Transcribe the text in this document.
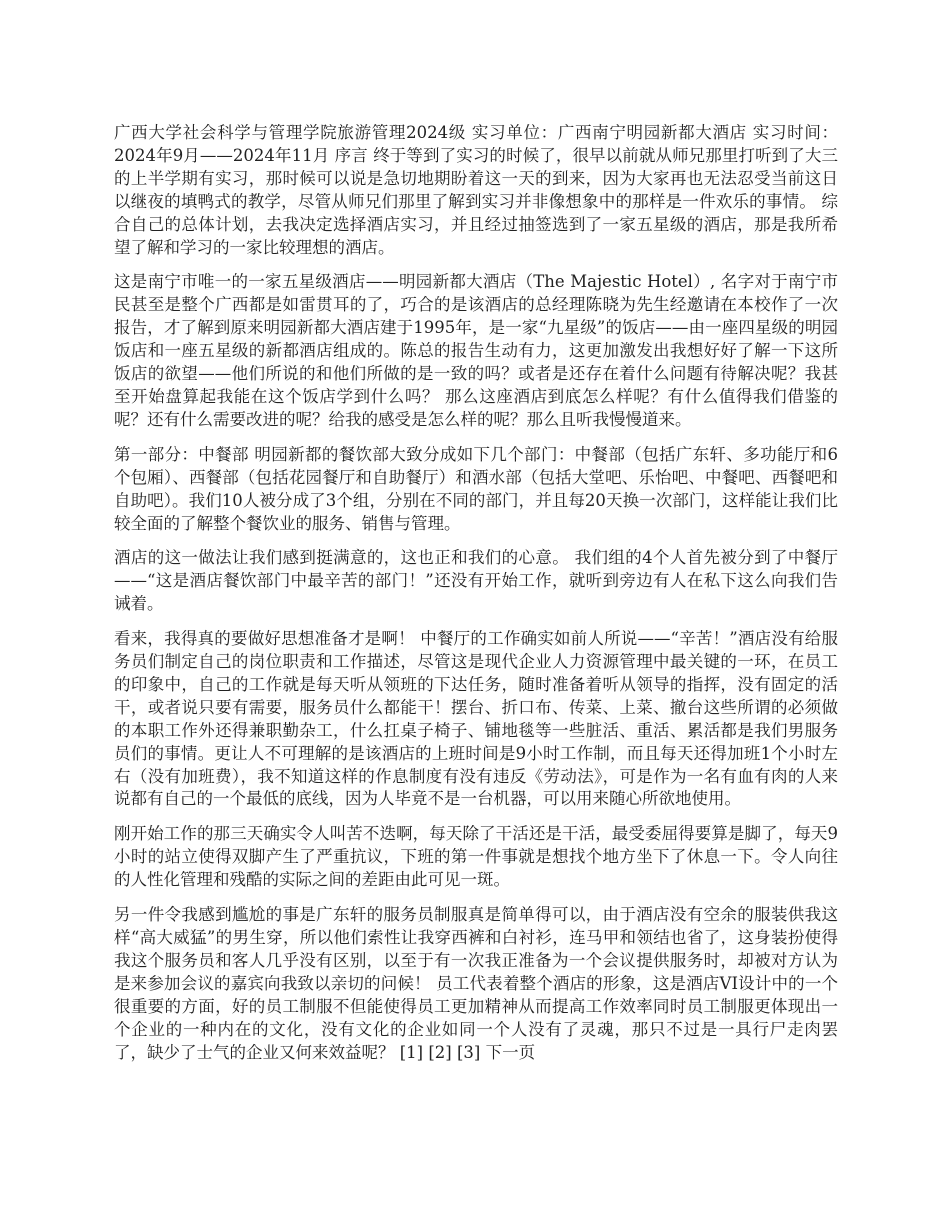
广西大学社会科学与管理学院旅游管理2024级 实习单位：广西南宁明园新都大酒店 实习时间：2024年9月——2024年11月 序言 终于等到了实习的时候了，很早以前就从师兄那里打听到了大三的上半学期有实习，那时候可以说是急切地期盼着这一天的到来，因为大家再也无法忍受当前这日以继夜的填鸭式的教学，尽管从师兄们那里了解到实习并非像想象中的那样是一件欢乐的事情。 综合自己的总体计划，去我决定选择酒店实习，并且经过抽签选到了一家五星级的酒店，那是我所希望了解和学习的一家比较理想的酒店。

这是南宁市唯一的一家五星级酒店——明园新都大酒店（The Majestic Hotel）, 名字对于南宁市民甚至是整个广西都是如雷贯耳的了，巧合的是该酒店的总经理陈晓为先生经邀请在本校作了一次报告，才了解到原来明园新都大酒店建于1995年，是一家“九星级”的饭店——由一座四星级的明园饭店和一座五星级的新都酒店组成的。陈总的报告生动有力，这更加激发出我想好好了解一下这所饭店的欲望——他们所说的和他们所做的是一致的吗？或者是还存在着什么问题有待解决呢？我甚至开始盘算起我能在这个饭店学到什么吗？ 那么这座酒店到底怎么样呢？有什么值得我们借鉴的呢？还有什么需要改进的呢？给我的感受是怎么样的呢？那么且听我慢慢道来。

第一部分：中餐部 明园新都的餐饮部大致分成如下几个部门：中餐部（包括广东轩、多功能厅和6个包厢）、西餐部（包括花园餐厅和自助餐厅）和酒水部（包括大堂吧、乐怡吧、中餐吧、西餐吧和自助吧）。我们10人被分成了3个组，分别在不同的部门，并且每20天换一次部门，这样能让我们比较全面的了解整个餐饮业的服务、销售与管理。

酒店的这一做法让我们感到挺满意的，这也正和我们的心意。 我们组的4个人首先被分到了中餐厅——“这是酒店餐饮部门中最辛苦的部门！”还没有开始工作，就听到旁边有人在私下这么向我们告诫着。

看来，我得真的要做好思想准备才是啊！ 中餐厅的工作确实如前人所说——“辛苦！”酒店没有给服务员们制定自己的岗位职责和工作描述，尽管这是现代企业人力资源管理中最关键的一环，在员工的印象中，自己的工作就是每天听从领班的下达任务，随时准备着听从领导的指挥，没有固定的活干，或者说只要有需要，服务员什么都能干！摆台、折口布、传菜、上菜、撤台这些所谓的必须做的本职工作外还得兼职勤杂工，什么扛桌子椅子、铺地毯等一些脏活、重活、累活都是我们男服务员们的事情。更让人不可理解的是该酒店的上班时间是9小时工作制，而且每天还得加班1个小时左右（没有加班费），我不知道这样的作息制度有没有违反《劳动法》，可是作为一名有血有肉的人来说都有自己的一个最低的底线，因为人毕竟不是一台机器，可以用来随心所欲地使用。

刚开始工作的那三天确实令人叫苦不迭啊，每天除了干活还是干活，最受委屈得要算是脚了，每天9小时的站立使得双脚产生了严重抗议，下班的第一件事就是想找个地方坐下了休息一下。令人向往的人性化管理和残酷的实际之间的差距由此可见一斑。

另一件令我感到尴尬的事是广东轩的服务员制服真是简单得可以，由于酒店没有空余的服装供我这样“高大威猛”的男生穿，所以他们索性让我穿西裤和白衬衫，连马甲和领结也省了，这身装扮使得我这个服务员和客人几乎没有区别，以至于有一次我正准备为一个会议提供服务时，却被对方认为是来参加会议的嘉宾向我致以亲切的问候！ 员工代表着整个酒店的形象，这是酒店VI设计中的一个很重要的方面，好的员工制服不但能使得员工更加精神从而提高工作效率同时员工制服更体现出一个企业的一种内在的文化，没有文化的企业如同一个人没有了灵魂，那只不过是一具行尸走肉罢了，缺少了士气的企业又何来效益呢？ [1] [2] [3] 下一页
